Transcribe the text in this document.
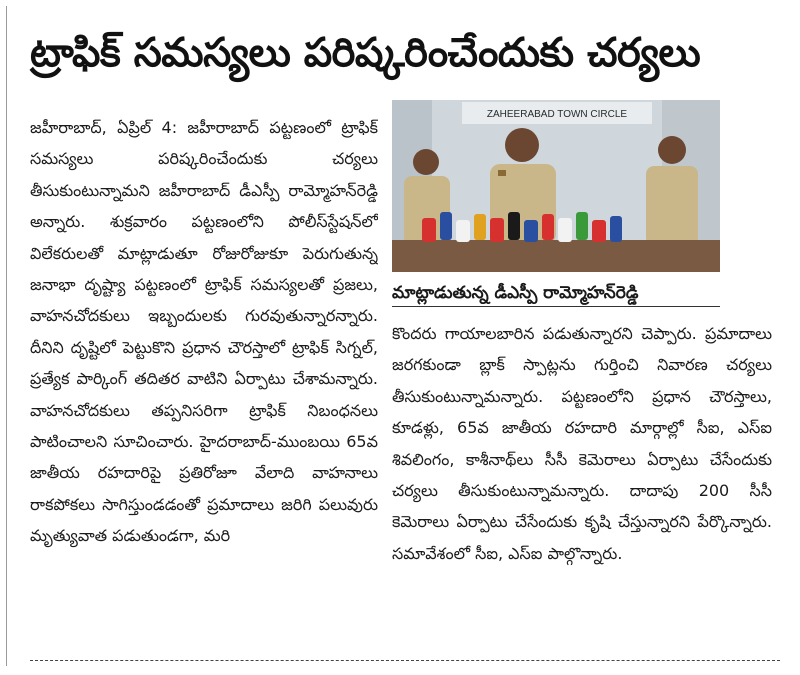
ట్రాఫిక్ సమస్యలు పరిష్కరించేందుకు చర్యలు
జహీరాబాద్, ఏప్రిల్ 4: జహీరాబాద్ పట్టణంలో ట్రాఫిక్ సమస్యలు పరిష్కరించేందుకు చర్యలు తీసుకుంటున్నామని జహీరాబాద్ డీఎస్పీ రామ్మోహన్‌రెడ్డి అన్నారు. శుక్రవారం పట్టణంలోని పోలీస్‌స్టేషన్‌లో విలేకరులతో మాట్లాడుతూ రోజురోజుకూ పెరుగుతున్న జనాభా దృష్ట్యా పట్టణంలో ట్రాఫిక్ సమస్యలతో ప్రజలు, వాహనచోదకులు ఇబ్బందులకు గురవుతున్నారన్నారు. దీనిని దృష్టిలో పెట్టుకొని ప్రధాన చౌరస్తాలో ట్రాఫిక్ సిగ్నల్, ప్రత్యేక పార్కింగ్ తదితర వాటిని ఏర్పాటు చేశామన్నారు. వాహనచోదకులు తప్పనిసరిగా ట్రాఫిక్ నిబంధనలు పాటించాలని సూచించారు. హైదరాబాద్-ముంబయి 65వ జాతీయ రహదారిపై ప్రతిరోజూ వేలాది వాహనాలు రాకపోకలు సాగిస్తుండడంతో ప్రమాదాలు జరిగి పలువురు మృత్యువాత పడుతుండగా, మరి
ZAHEERABAD TOWN CIRCLE
మాట్లాడుతున్న డీఎస్పీ రామ్మోహన్‌రెడ్డి
కొందరు గాయాలబారిన పడుతున్నారని చెప్పారు. ప్రమాదాలు జరగకుండా బ్లాక్ స్పాట్లను గుర్తించి నివారణ చర్యలు తీసుకుంటున్నామన్నారు. పట్టణంలోని ప్రధాన చౌరస్తాలు, కూడళ్లు, 65వ జాతీయ రహదారి మార్గాల్లో సీఐ, ఎస్‌ఐ శివలింగం, కాశీనాథ్‌లు సీసీ కెమెరాలు ఏర్పాటు చేసేందుకు చర్యలు తీసుకుంటున్నామన్నారు. దాదాపు 200 సీసీ కెమెరాలు ఏర్పాటు చేసేందుకు కృషి చేస్తున్నారని పేర్కొన్నారు. సమావేశంలో సీఐ, ఎస్‌ఐ పాల్గొన్నారు.
